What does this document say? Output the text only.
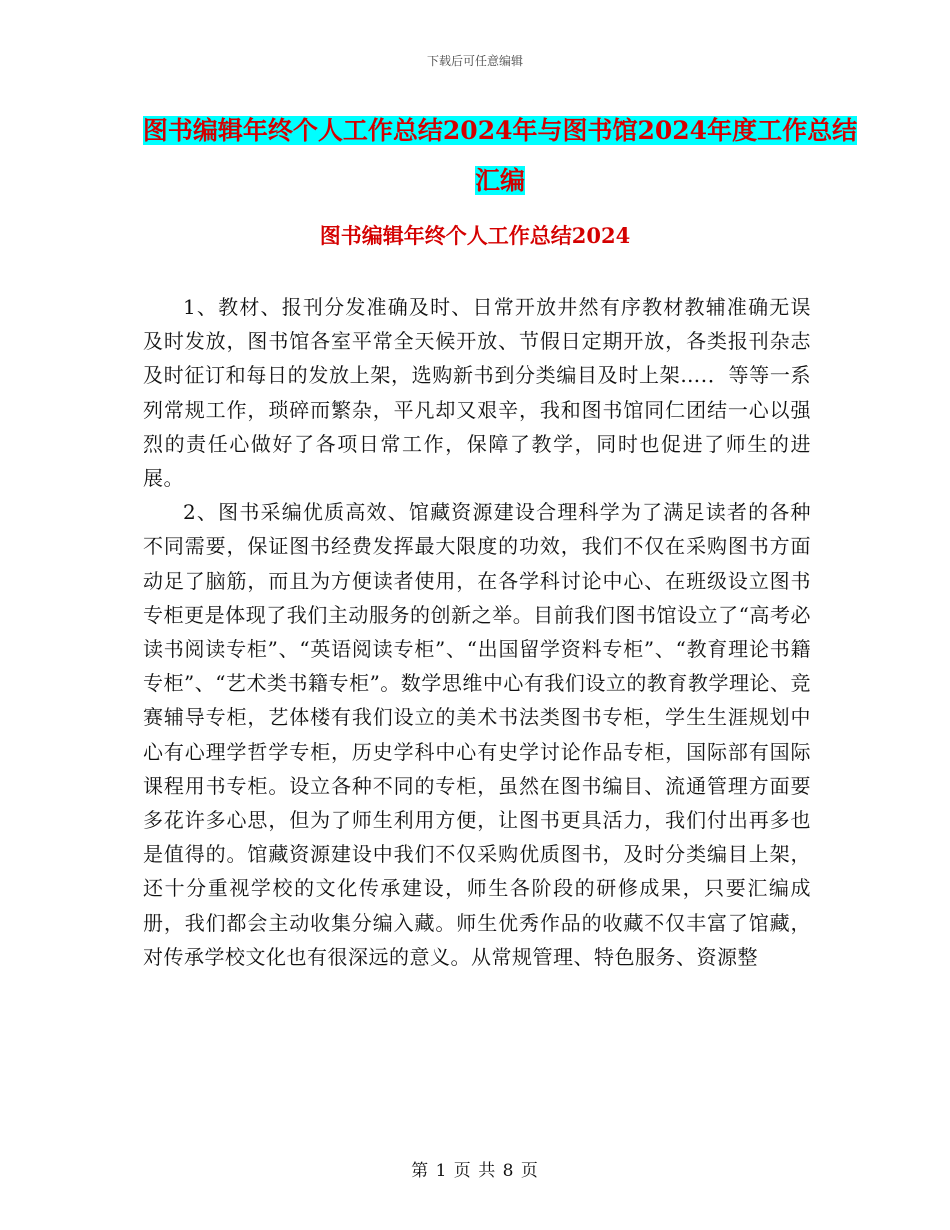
下载后可任意编辑
图书编辑年终个人工作总结2024年与图书馆2024年度工作总结汇编
图书编辑年终个人工作总结2024

1、教材、报刊分发准确及时、日常开放井然有序教材教辅准确无误及时发放，图书馆各室平常全天候开放、节假日定期开放，各类报刊杂志及时征订和每日的发放上架，选购新书到分类编目及时上架….．等等一系列常规工作，琐碎而繁杂，平凡却又艰辛，我和图书馆同仁团结一心以强烈的责任心做好了各项日常工作，保障了教学，同时也促进了师生的进展。

2、图书采编优质高效、馆藏资源建设合理科学为了满足读者的各种不同需要，保证图书经费发挥最大限度的功效，我们不仅在采购图书方面动足了脑筋，而且为方便读者使用，在各学科讨论中心、在班级设立图书专柜更是体现了我们主动服务的创新之举。目前我们图书馆设立了“高考必读书阅读专柜”、“英语阅读专柜”、“出国留学资料专柜”、“教育理论书籍专柜”、“艺术类书籍专柜”。数学思维中心有我们设立的教育教学理论、竞赛辅导专柜，艺体楼有我们设立的美术书法类图书专柜，学生生涯规划中心有心理学哲学专柜，历史学科中心有史学讨论作品专柜，国际部有国际课程用书专柜。设立各种不同的专柜，虽然在图书编目、流通管理方面要多花许多心思，但为了师生利用方便，让图书更具活力，我们付出再多也是值得的。馆藏资源建设中我们不仅采购优质图书，及时分类编目上架，还十分重视学校的文化传承建设，师生各阶段的研修成果，只要汇编成册，我们都会主动收集分编入藏。师生优秀作品的收藏不仅丰富了馆藏，对传承学校文化也有很深远的意义。从常规管理、特色服务、资源整

第 1 页 共 8 页
